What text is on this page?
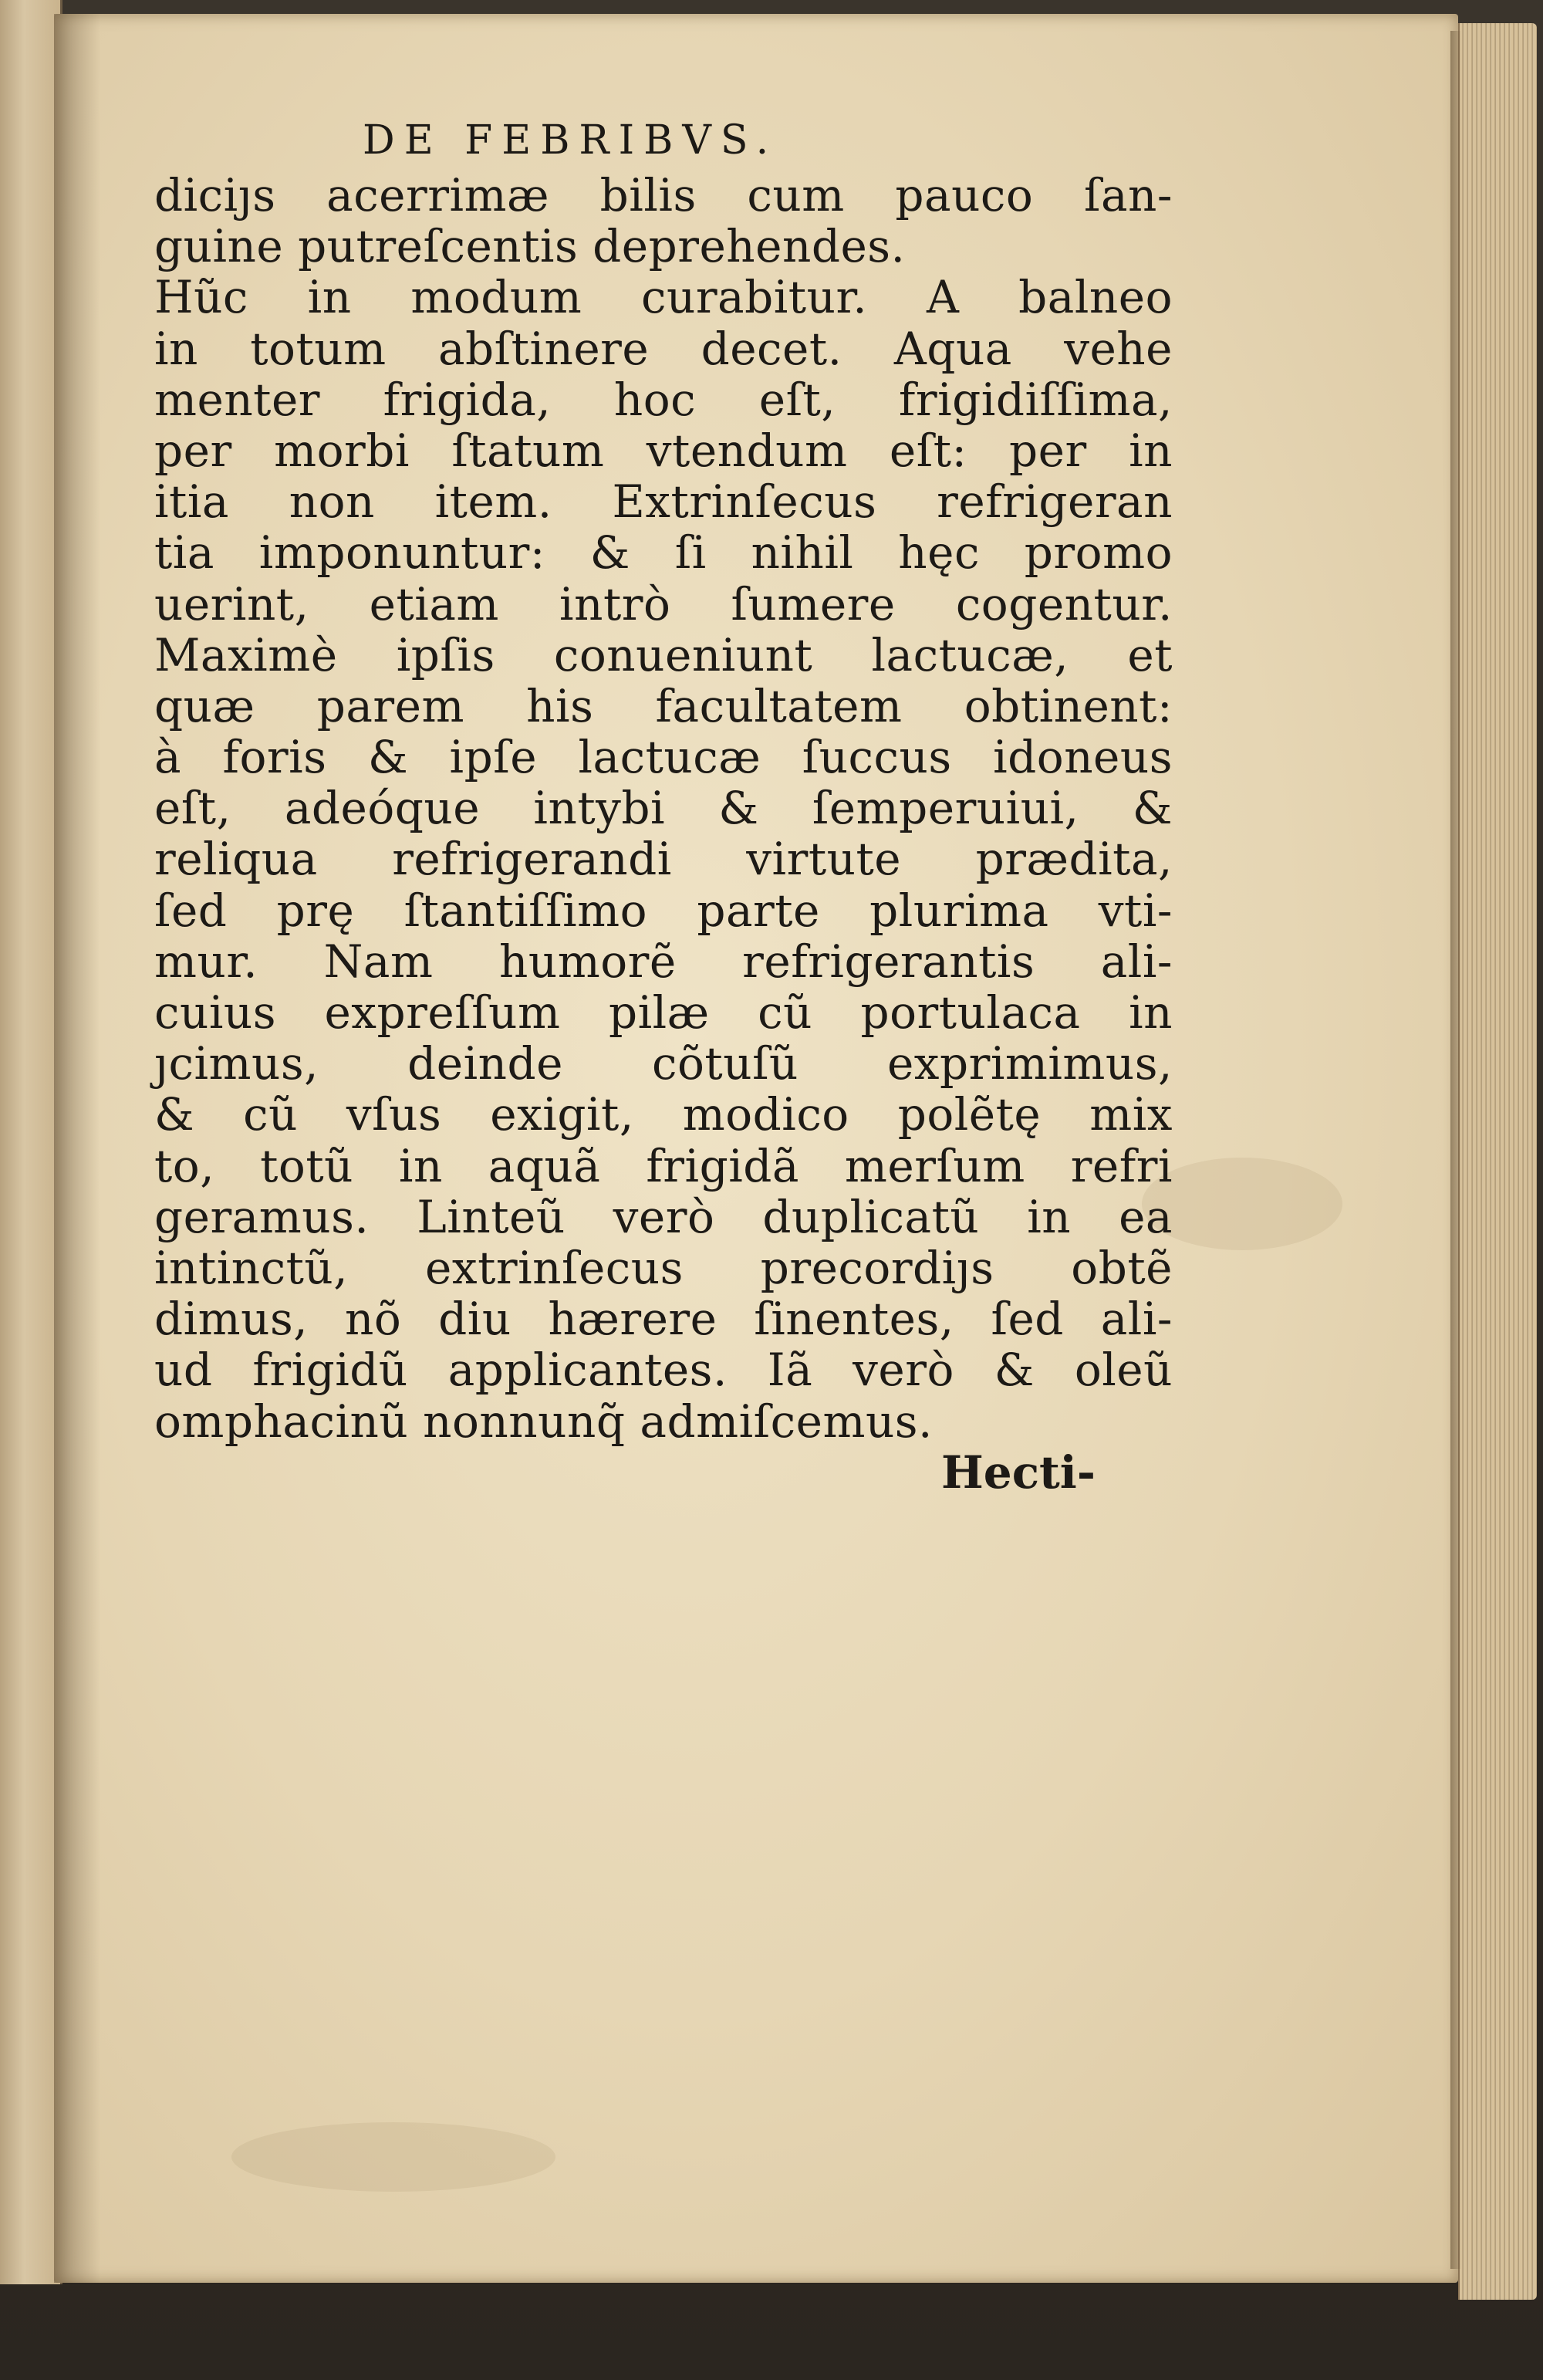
DE FEBRIBVS.
diciȷs acerrimæ bilis cum pauco ſan-
guine putreſcentis deprehendes.
Hũc in modum curabitur. A balneo
in totum abſtinere decet. Aqua vehe
menter frigida, hoc eſt, frigidiſſima,
per morbi ſtatum vtendum eſt: per in
itia non item. Extrinſecus refrigeran
tia imponuntur: & ſi nihil hęc promo
uerint, etiam intrò ſumere cogentur.
Maximè ipſis conueniunt lactucæ, et
quæ parem his facultatem obtinent:
à foris & ipſe lactucæ ſuccus idoneus
eſt, adeóque intybi & ſemperuiui, &
reliqua refrigerandi virtute prædita,
ſed prę ſtantiſſimo parte plurima vti-
mur. Nam humorẽ refrigerantis ali-
cuius expreſſum pilæ cũ portulaca in
ȷcimus, deinde cõtuſũ exprimimus,
& cũ vſus exigit, modico polẽtę mix
to, totũ in aquã frigidã merſum refri
geramus. Linteũ verò duplicatũ in ea
intinctũ, extrinſecus precordiȷs obtẽ
dimus, nõ diu hærere ſinentes, ſed ali-
ud frigidũ applicantes. Iã verò & oleũ
omphacinũ nonnunq̃ admiſcemus.
Hecti-
